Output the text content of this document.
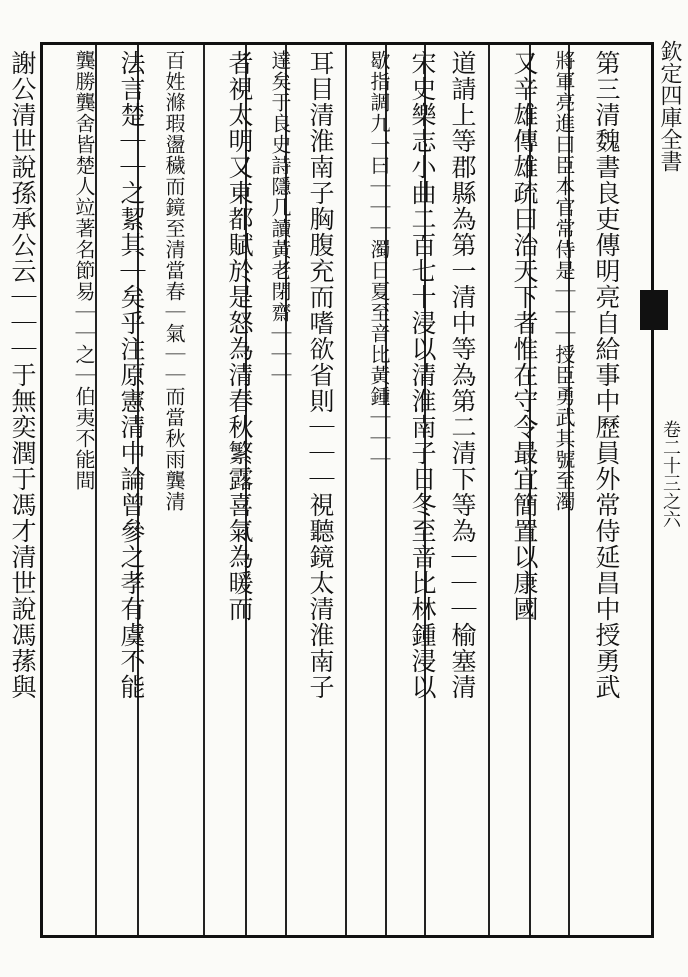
第三清魏書良吏傳明亮自給事中歷員外常侍延昌中授勇武
將軍亮進曰臣本官常侍是｜｜｜授臣勇武其號至濁
又辛雄傳雄疏曰治天下者惟在守令最宜簡置以康國
道請上等郡縣為第一清中等為第二清下等為｜｜｜榆塞清
宋史樂志小曲二百七十浸以清淮南子日冬至音比林鍾浸以
歇指調九一曰｜｜｜濁日夏至音比黃鍾｜｜｜
耳目清淮南子胸腹充而嗜欲省則｜｜｜視聽鏡太清淮南子
達矣于良史詩隱几讀黃老閉齋｜｜｜
者視太明又東都賦於是怒為清春秋繁露喜氣為暖而
百姓滌瑕盪穢而鏡至清當春｜氣｜｜而當秋雨龔清
法言楚｜｜之絜其｜矣乎注原憲清中論曾參之孝有虞不能
龔勝龔舍皆楚人竝著名節易｜｜之｜伯夷不能間
謝公清世說孫承公云｜｜｜于無奕潤于馮才清世說馮蓀與	欽定四庫全書
卷二十三之六
